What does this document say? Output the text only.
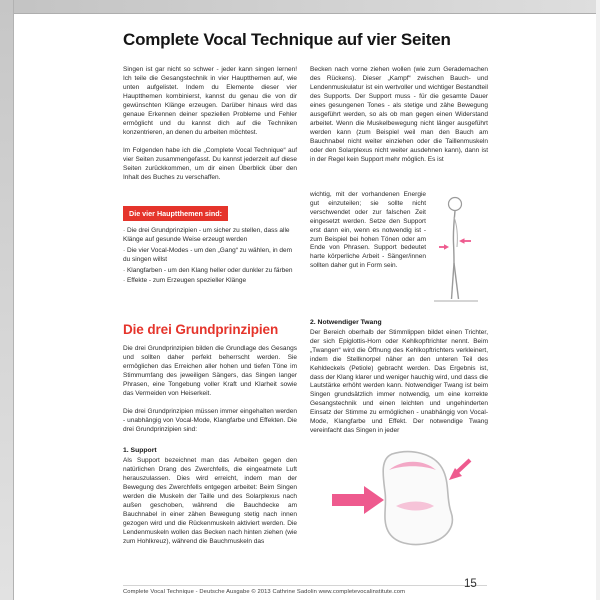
Complete Vocal Technique auf vier Seiten

Singen ist gar nicht so schwer - jeder kann singen lernen! Ich teile die Gesangstechnik in vier Hauptthemen auf, wie unten aufgelistet. Indem du Elemente dieser vier Hauptthemen kombinierst, kannst du genau die von dir gewünschten Klänge erzeugen. Darüber hinaus wird das genaue Erkennen deiner speziellen Probleme und Fehler ermöglicht und du kannst dich auf die Techniken konzentrieren, an denen du arbeiten möchtest.

Im Folgenden habe ich die „Complete Vocal Technique“ auf vier Seiten zusammengefasst. Du kannst jederzeit auf diese Seiten zurückkommen, um dir einen Überblick über den Inhalt des Buches zu verschaffen.

Die vier Hauptthemen sind:

· Die drei Grundprinzipien - um sicher zu stellen, dass alle Klänge auf gesunde Weise erzeugt werden

· Die vier Vocal-Modes - um den „Gang“ zu wählen, in dem du singen willst

· Klangfarben - um den Klang heller oder dunkler zu färben

· Effekte - zum Erzeugen spezieller Klänge

Die drei Grundprinzipien

Die drei Grundprinzipien bilden die Grundlage des Gesangs und sollten daher perfekt beherrscht werden. Sie ermöglichen das Erreichen aller hohen und tiefen Töne im Stimmumfang des jeweiligen Sängers, das Singen langer Phrasen, eine Tongebung voller Kraft und Klarheit sowie das Vermeiden von Heiserkeit.

Die drei Grundprinzipien müssen immer eingehalten werden - unabhängig von Vocal-Mode, Klangfarbe und Effekten. Die drei Grundprinzipien sind:

1. Support

Als Support bezeichnet man das Arbeiten gegen den natürlichen Drang des Zwerchfells, die eingeatmete Luft herauszulassen. Dies wird erreicht, indem man der Bewegung des Zwerchfells entgegen arbeitet: Beim Singen werden die Muskeln der Taille und des Solarplexus nach außen geschoben, während die Bauchdecke am Bauchnabel in einer zähen Bewegung stetig nach innen gezogen wird und die Rückenmuskeln aktiviert werden. Die Lendenmuskeln wollen das Becken nach hinten ziehen (wie zum Hohlkreuz), während die Bauchmuskeln das

Becken nach vorne ziehen wollen (wie zum Gerademachen des Rückens). Dieser „Kampf“ zwischen Bauch- und Lendenmuskulatur ist ein wertvoller und wichtiger Bestandteil des Supports. Der Support muss - für die gesamte Dauer eines gesungenen Tones - als stetige und zähe Bewegung ausgeführt werden, so als ob man gegen einen Widerstand arbeitet. Wenn die Muskelbewegung nicht länger ausgeführt werden kann (zum Beispiel weil man den Bauch am Bauchnabel nicht weiter einziehen oder die Taillenmuskeln oder den Solarplexus nicht weiter ausdehnen kann), dann ist in der Regel kein Support mehr möglich. Es ist

wichtig, mit der vorhandenen Energie gut einzuteilen; sie sollte nicht verschwendet oder zur falschen Zeit eingesetzt werden. Setze den Support erst dann ein, wenn es notwendig ist - zum Beispiel bei hohen Tönen oder am Ende von Phrasen. Support bedeutet harte körperliche Arbeit - Sänger/innen sollten daher gut in Form sein.

2. Notwendiger Twang

Der Bereich oberhalb der Stimmlippen bildet einen Trichter, der sich Epiglottis-Horn oder Kehlkopftrichter nennt. Beim „Twangen“ wird die Öffnung des Kehlkopftrichters verkleinert, indem die Stellknorpel näher an den unteren Teil des Kehldeckels (Petiole) gebracht werden. Das Ergebnis ist, dass der Klang klarer und weniger hauchig wird, und dass die Lautstärke erhöht werden kann. Notwendiger Twang ist beim Singen grundsätzlich immer notwendig, um eine korrekte Gesangstechnik und einen leichten und ungehinderten Einsatz der Stimme zu ermöglichen - unabhängig von Vocal-Mode, Klangfarbe und Effekt. Der notwendige Twang vereinfacht das Singen in jeder

Complete Vocal Technique - Deutsche Ausgabe © 2013 Cathrine Sadolin www.completevocalinstitute.com
15
